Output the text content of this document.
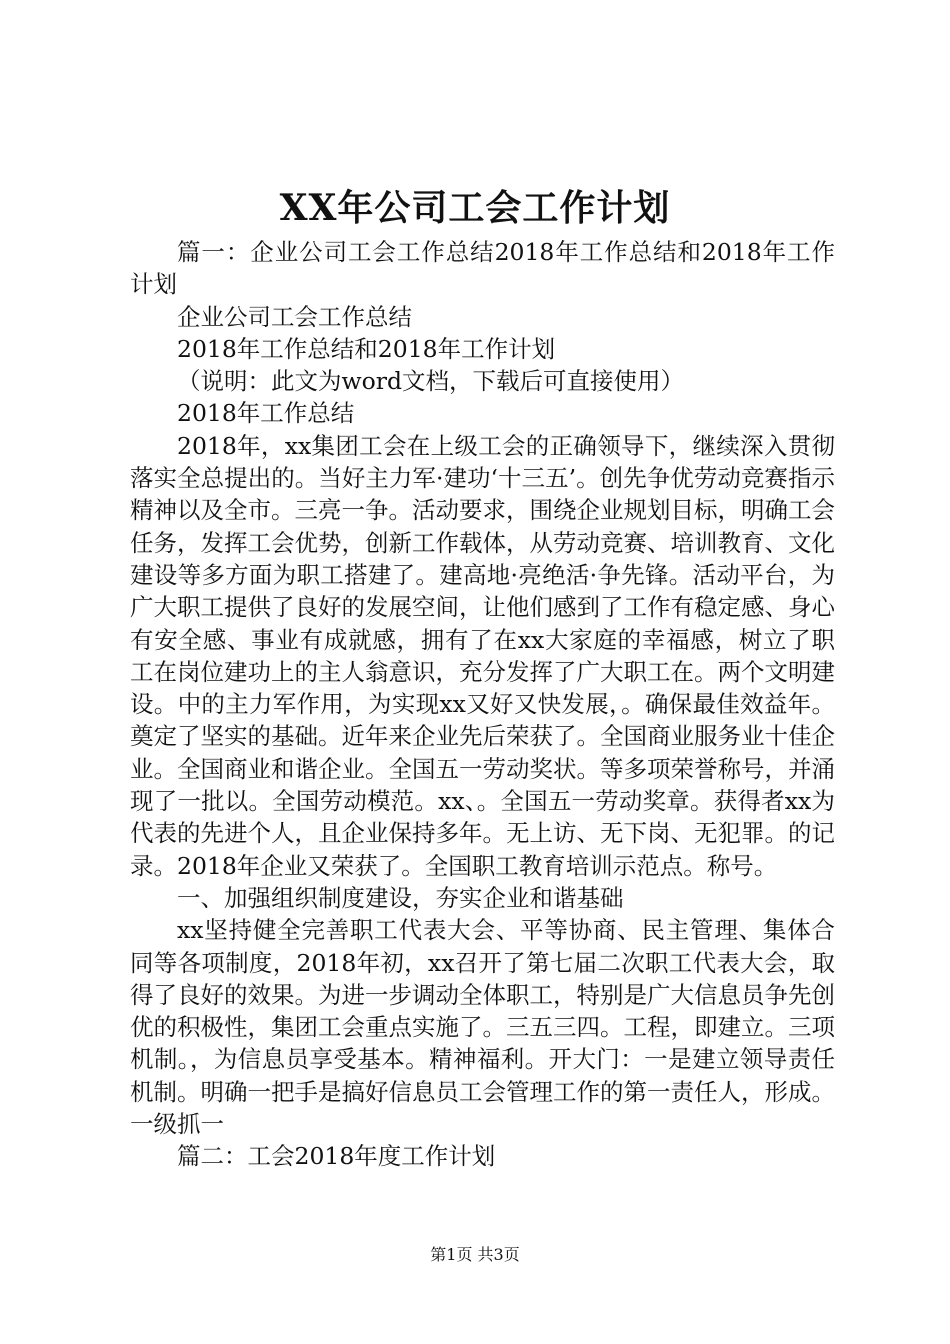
XX年公司工会工作计划

篇一：企业公司工会工作总结2018年工作总结和2018年工作计划

企业公司工会工作总结

2018年工作总结和2018年工作计划

（说明：此文为word文档，下载后可直接使用）

2018年工作总结

2018年，xx集团工会在上级工会的正确领导下，继续深入贯彻落实全总提出的。当好主力军·建功‘十三五’。创先争优劳动竞赛指示精神以及全市。三亮一争。活动要求，围绕企业规划目标，明确工会任务，发挥工会优势，创新工作载体，从劳动竞赛、培训教育、文化建设等多方面为职工搭建了。建高地·亮绝活·争先锋。活动平台，为广大职工提供了良好的发展空间，让他们感到了工作有稳定感、身心有安全感、事业有成就感，拥有了在xx大家庭的幸福感，树立了职工在岗位建功上的主人翁意识，充分发挥了广大职工在。两个文明建设。中的主力军作用，为实现xx又好又快发展，。确保最佳效益年。奠定了坚实的基础。近年来企业先后荣获了。全国商业服务业十佳企业。全国商业和谐企业。全国五一劳动奖状。等多项荣誉称号，并涌现了一批以。全国劳动模范。xx、。全国五一劳动奖章。获得者xx为代表的先进个人，且企业保持多年。无上访、无下岗、无犯罪。的记录。2018年企业又荣获了。全国职工教育培训示范点。称号。

一、加强组织制度建设，夯实企业和谐基础

xx坚持健全完善职工代表大会、平等协商、民主管理、集体合同等各项制度，2018年初，xx召开了第七届二次职工代表大会，取得了良好的效果。为进一步调动全体职工，特别是广大信息员争先创优的积极性，集团工会重点实施了。三五三四。工程，即建立。三项机制。，为信息员享受基本。精神福利。开大门：一是建立领导责任机制。明确一把手是搞好信息员工会管理工作的第一责任人，形成。一级抓一

篇二：工会2018年度工作计划

第1页 共3页
